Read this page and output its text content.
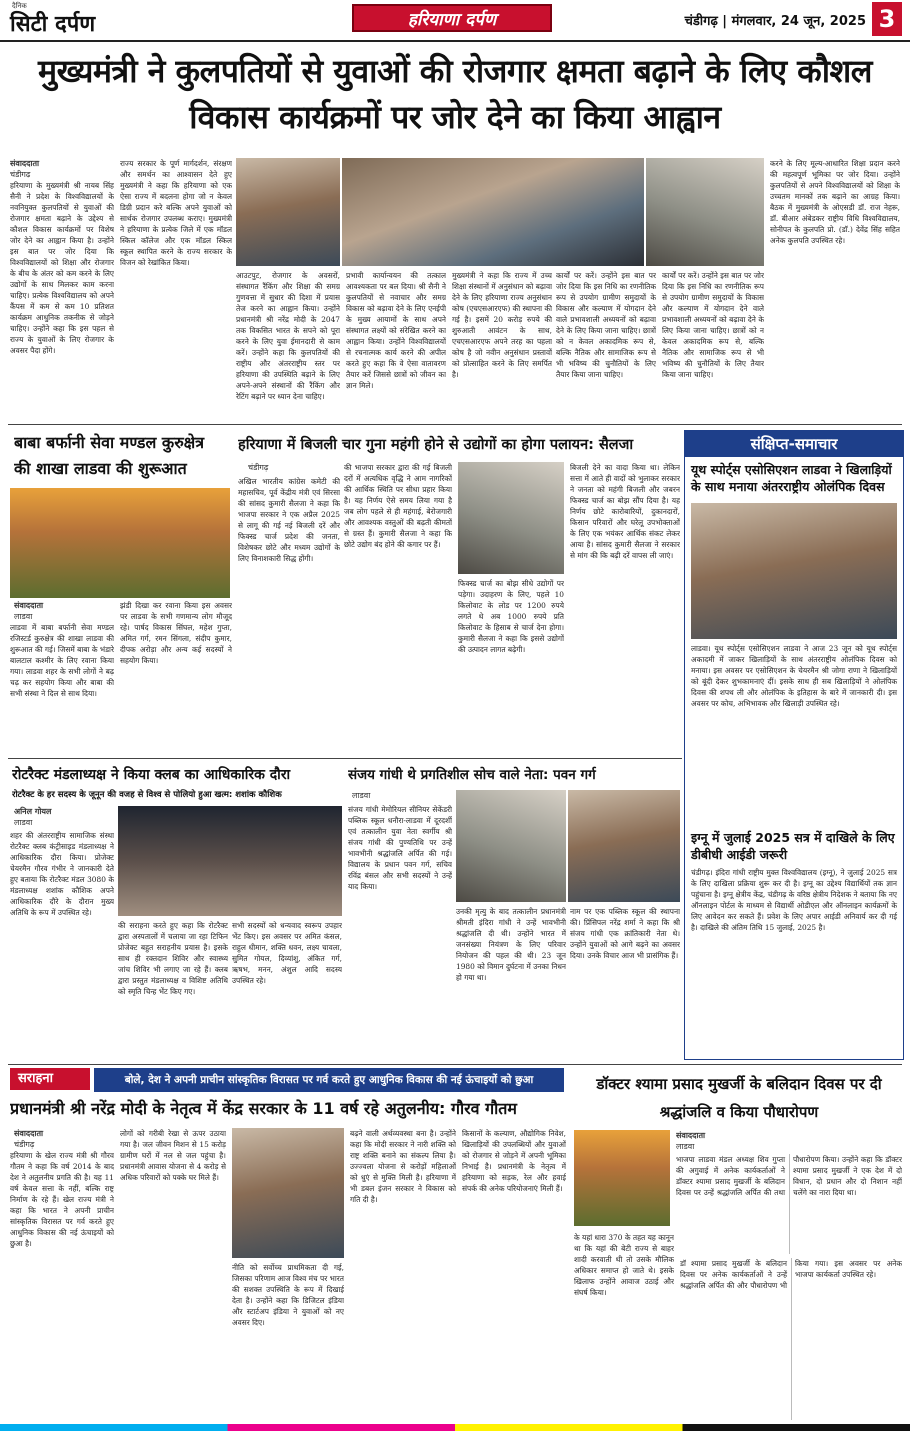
दैनिक
सिटी दर्पण	हरियाणा दर्पण	चंडीगढ़ | मंगलवार, 24 जून, 2025 3
मुख्यमंत्री ने कुलपतियों से युवाओं की रोजगार क्षमता बढ़ाने के लिए कौशल विकास कार्यक्रमों पर जोर देने का किया आह्वान
संवाददाता
चंडीगढ़
हरियाणा के मुख्यमंत्री श्री नायब सिंह सैनी ने प्रदेश के विश्वविद्यालयों के नवनियुक्त कुलपतियों से युवाओं की रोजगार क्षमता बढ़ाने के उद्देश्य से कौशल विकास कार्यक्रमों पर विशेष जोर देने का आह्वान किया है। उन्होंने इस बात पर जोर दिया कि विश्वविद्यालयों को शिक्षा और रोजगार के बीच के अंतर को कम करने के लिए उद्योगों के साथ मिलकर काम करना चाहिए। प्रत्येक विश्वविद्यालय को अपने कैंपस में कम से कम 10 प्रतिशत कार्यक्रम आधुनिक तकनीक से जोड़ने चाहिए। उन्होंने कहा कि इस पहल से राज्य के युवाओं के लिए रोजगार के अवसर पैदा होंगे।
राज्य सरकार के पूर्ण मार्गदर्शन, संरक्षण और समर्थन का आश्वासन देते हुए मुख्यमंत्री ने कहा कि हरियाणा को एक ऐसा राज्य में बदलना होगा जो न केवल डिग्री प्रदान करे बल्कि अपने युवाओं को सार्थक रोजगार उपलब्ध कराए। मुख्यमंत्री ने हरियाणा के प्रत्येक जिले में एक मॉडल स्किल कॉलेज और एक मॉडल स्किल स्कूल स्थापित करने के राज्य सरकार के विजन को रेखांकित किया।
आउटपुट, रोजगार के अवसरों, संस्थागत रैंकिंग और शिक्षा की समग्र गुणवत्ता में सुधार की दिशा में प्रयास तेज करने का आह्वान किया। उन्होंने प्रधानमंत्री श्री नरेंद्र मोदी के 2047 तक विकसित भारत के सपने को पूरा करने के लिए युवा ईमानदारी से काम करें। उन्होंने कहा कि कुलपतियों की राष्ट्रीय और अंतरराष्ट्रीय स्तर पर हरियाणा की उपस्थिति बढ़ाने के लिए अपने-अपने संस्थानों की रैंकिंग और रेटिंग बढ़ाने पर ध्यान देना चाहिए।
प्रभावी कार्यान्वयन की तत्काल आवश्यकता पर बल दिया। श्री सैनी ने कुलपतियों से नवाचार और समग्र विकास को बढ़ावा देने के लिए एनईपी के मुख्य आयामों के साथ अपने संस्थागत लक्ष्यों को संरेखित करने का आह्वान किया। उन्होंने विश्वविद्यालयों से रचनात्मक कार्य करने की अपील करते हुए कहा कि वे ऐसा वातावरण तैयार करें जिससे छात्रों को जीवन का ज्ञान मिले।
मुख्यमंत्री ने कहा कि राज्य में उच्च शिक्षा संस्थानों में अनुसंधान को बढ़ावा देने के लिए हरियाणा राज्य अनुसंधान कोष (एचएसआरएफ) की स्थापना की गई है। इसमें 20 करोड़ रुपये की शुरुआती आवंटन के साथ, एचएसआरएफ अपने तरह का पहला कोष है जो नवीन अनुसंधान प्रस्तावों को प्रोत्साहित करने के लिए समर्पित है।
कार्यों पर करें। उन्होंने इस बात पर जोर दिया कि इस निधि का रणनीतिक रूप से उपयोग ग्रामीण समुदायों के विकास और कल्याण में योगदान देने वाले प्रभावशाली अध्ययनों को बढ़ावा देने के लिए किया जाना चाहिए। छात्रों को न केवल अकादमिक रूप से, बल्कि नैतिक और सामाजिक रूप से भी भविष्य की चुनौतियों के लिए तैयार किया जाना चाहिए।
कार्यों पर करें। उन्होंने इस बात पर जोर दिया कि इस निधि का रणनीतिक रूप से उपयोग ग्रामीण समुदायों के विकास और कल्याण में योगदान देने वाले प्रभावशाली अध्ययनों को बढ़ावा देने के लिए किया जाना चाहिए। छात्रों को न केवल अकादमिक रूप से, बल्कि नैतिक और सामाजिक रूप से भी भविष्य की चुनौतियों के लिए तैयार किया जाना चाहिए।
करने के लिए मूल्य-आधारित शिक्षा प्रदान करने की महत्वपूर्ण भूमिका पर जोर दिया। उन्होंने कुलपतियों से अपने विश्वविद्यालयों को शिक्षा के उच्चतम मानकों तक बढ़ाने का आग्रह किया। बैठक में मुख्यमंत्री के ओएसडी डॉ. राज नेहरू, डॉ. बीआर अंबेडकर राष्ट्रीय विधि विश्वविद्यालय, सोनीपत के कुलपति प्रो. (डॉ.) देवेंद्र सिंह सहित अनेक कुलपति उपस्थित रहे।
बाबा बर्फानी सेवा मण्डल कुरुक्षेत्र की शाखा लाडवा की शुरूआत
संवाददाता
लाडवा
लाडवा में बाबा बर्फानी सेवा मण्डल रजिस्टर्ड कुरुक्षेत्र की शाखा लाडवा की शुरूआत की गई। जिसमें बाबा के भंडारे बालटाल कश्मीर के लिए रवाना किया गया। लाडवा शहर के सभी लोगों ने बढ़ चढ़ कर सहयोग किया और बाबा की सभी संस्था ने दिल से साथ दिया।
झंडी दिखा कर रवाना किया इस अवसर पर लाडवा के सभी गणमान्य लोग मौजूद रहे। पार्षद विकास सिंघल, महेश गुप्ता, अमित गर्ग, रमन सिंगला, संदीप कुमार, दीपक अरोड़ा और अन्य कई सदस्यों ने सहयोग किया।
हरियाणा में बिजली चार गुना महंगी होने से उद्योगों का होगा पलायन: सैलजा
चंडीगढ़
अखिल भारतीय कांग्रेस कमेटी की महासचिव, पूर्व केंद्रीय मंत्री एवं सिरसा की सांसद कुमारी सैलजा ने कहा कि भाजपा सरकार ने एक अप्रैल 2025 से लागू की गई नई बिजली दरें और फिक्स्ड चार्ज प्रदेश की जनता, विशेषकर छोटे और मध्यम उद्योगों के लिए विनाशकारी सिद्ध होंगी।
की भाजपा सरकार द्वारा की गई बिजली दरों में अत्यधिक वृद्धि ने आम नागरिकों की आर्थिक स्थिति पर सीधा प्रहार किया है। यह निर्णय ऐसे समय लिया गया है जब लोग पहले से ही महंगाई, बेरोजगारी और आवश्यक वस्तुओं की बढ़ती कीमतों से ग्रस्त हैं। कुमारी सैलजा ने कहा कि छोटे उद्योग बंद होने की कगार पर हैं।
फिक्स्ड चार्ज का बोझ सीधे उद्योगों पर पड़ेगा। उदाहरण के लिए, पहले 10 किलोवाट के लोड पर 1200 रुपये लगते थे अब 1000 रुपये प्रति किलोवाट के हिसाब से चार्ज देना होगा। कुमारी सैलजा ने कहा कि इससे उद्योगों की उत्पादन लागत बढ़ेगी।
बिजली देने का वादा किया था। लेकिन सत्ता में आते ही वादों को भुलाकर सरकार ने जनता को महंगी बिजली और जबरन फिक्स्ड चार्ज का बोझ सौंप दिया है। यह निर्णय छोटे कारोबारियों, दुकानदारों, किसान परिवारों और घरेलू उपभोक्ताओं के लिए एक भयंकर आर्थिक संकट लेकर आया है। सांसद कुमारी सैलजा ने सरकार से मांग की कि बढ़ी दरें वापस ली जाएं।
संक्षिप्त-समाचार
यूथ स्पोर्ट्स एसोसिएशन लाडवा ने खिलाड़ियों के साथ मनाया अंतरराष्ट्रीय ओलंपिक दिवस
लाडवा। यूथ स्पोर्ट्स एसोसिएशन लाडवा ने आज 23 जून को यूथ स्पोर्ट्स अकादमी में जाकर खिलाड़ियों के साथ अंतरराष्ट्रीय ओलंपिक दिवस को मनाया। इस अवसर पर एसोसिएशन के चेयरमैन श्री जोगा राणा ने खिलाड़ियों को बूंदी देकर शुभकामनाएं दीं। इसके साथ ही सब खिलाड़ियों ने ओलंपिक दिवस की शपथ ली और ओलंपिक के इतिहास के बारे में जानकारी दी। इस अवसर पर कोच, अभिभावक और खिलाड़ी उपस्थित रहे।
इग्नू में जुलाई 2025 सत्र में दाखिले के लिए डीबीधी आईडी जरूरी
चंडीगढ़। इंदिरा गांधी राष्ट्रीय मुक्त विश्वविद्यालय (इग्नू), ने जुलाई 2025 सत्र के लिए दाखिला प्रक्रिया शुरू कर दी है। इग्नू का उद्देश्य विद्यार्थियों तक ज्ञान पहुंचाना है। इग्नू क्षेत्रीय केंद्र, चंडीगढ़ के वरिष्ठ क्षेत्रीय निदेशक ने बताया कि नए ऑनलाइन पोर्टल के माध्यम से विद्यार्थी ओडीएल और ऑनलाइन कार्यक्रमों के लिए आवेदन कर सकते हैं। प्रवेश के लिए अपार आईडी अनिवार्य कर दी गई है। दाखिले की अंतिम तिथि 15 जुलाई, 2025 है।
रोटरैक्ट मंडलाध्यक्ष ने किया क्लब का आधिकारिक दौरा
रोटरैक्ट के हर सदस्य के जूनून की वजह से विश्व से पोलियो हुआ खत्म: शशांक कौशिक
अनिल गोयल
लाडवा
शहर की अंतरराष्ट्रीय सामाजिक संस्था रोटरैक्ट क्लब कंट्रीसाइड मंडलाध्यक्ष ने आधिकारिक दौरा किया। प्रोजेक्ट चेयरमैन गौरव गंभीर ने जानकारी देते हुए बताया कि रोटरैक्ट मंडल 3080 के मंडलाध्यक्ष शशांक कौशिक अपने आधिकारिक दौरे के दौरान मुख्य अतिथि के रूप में उपस्थित रहे।
की सराहना करते हुए कहा कि रोटरैक्ट द्वारा अस्पतालों में चलाया जा रहा टिफिन प्रोजेक्ट बहुत सराहनीय प्रयास है। इसके साथ ही रक्तदान शिविर और स्वास्थ्य जांच शिविर भी लगाए जा रहे हैं। क्लब द्वारा प्रस्तुत मंडलाध्यक्ष व विशिष्ट अतिथि को स्मृति चिन्ह भेंट किए गए।
सभी सदस्यों को धन्यवाद स्वरूप उपहार भेंट किए। इस अवसर पर अमित कंसल, राहुल धीमान, शक्ति धवन, लक्ष्य चावला, सुमित गोयल, दिव्यांशु, अंकित गर्ग, ऋषभ, मनन, अंशुल आदि सदस्य उपस्थित रहे।
संजय गांधी थे प्रगतिशील सोच वाले नेता: पवन गर्ग
लाडवा
संजय गांधी मेमोरियल सीनियर सेकेंडरी पब्लिक स्कूल धनौरा-लाडवा में दूरदर्शी एवं तत्कालीन युवा नेता स्वर्गीय श्री संजय गांधी की पुण्यतिथि पर उन्हें भावभीनी श्रद्धांजलि अर्पित की गई। विद्यालय के प्रधान पवन गर्ग, सचिव रविंद्र बंसल और सभी सदस्यों ने उन्हें याद किया।
उनकी मृत्यु के बाद तत्कालीन प्रधानमंत्री श्रीमती इंदिरा गांधी ने उन्हें भावभीनी श्रद्धांजलि दी थी। उन्होंने भारत में जनसंख्या नियंत्रण के लिए परिवार नियोजन की पहल की थी। 23 जून 1980 को विमान दुर्घटना में उनका निधन हो गया था।
नाम पर एक पब्लिक स्कूल की स्थापना की। प्रिंसिपल नरेंद्र शर्मा ने कहा कि श्री संजय गांधी एक क्रांतिकारी नेता थे। उन्होंने युवाओं को आगे बढ़ने का अवसर दिया। उनके विचार आज भी प्रासंगिक हैं।
सराहना	बोले, देश ने अपनी प्राचीन सांस्कृतिक विरासत पर गर्व करते हुए आधुनिक विकास की नई ऊंचाइयों को छुआ
प्रधानमंत्री श्री नरेंद्र मोदी के नेतृत्व में केंद्र सरकार के 11 वर्ष रहे अतुलनीय: गौरव गौतम
संवाददाता
चंडीगढ़
हरियाणा के खेल राज्य मंत्री श्री गौरव गौतम ने कहा कि वर्ष 2014 के बाद देश ने अतुलनीय प्रगति की है। यह 11 वर्ष केवल सत्ता के नहीं, बल्कि राष्ट्र निर्माण के रहे हैं। खेल राज्य मंत्री ने कहा कि भारत ने अपनी प्राचीन सांस्कृतिक विरासत पर गर्व करते हुए आधुनिक विकास की नई ऊंचाइयों को छुआ है।
लोगों को गरीबी रेखा से ऊपर उठाया गया है। जल जीवन मिशन से 15 करोड़ ग्रामीण घरों में नल से जल पहुंचा है। प्रधानमंत्री आवास योजना से 4 करोड़ से अधिक परिवारों को पक्के घर मिले हैं।
नीति को सर्वोच्च प्राथमिकता दी गई, जिसका परिणाम आज विश्व मंच पर भारत की सशक्त उपस्थिति के रूप में दिखाई देता है। उन्होंने कहा कि डिजिटल इंडिया और स्टार्टअप इंडिया ने युवाओं को नए अवसर दिए।
बढ़ने वाली अर्थव्यवस्था बना है। उन्होंने कहा कि मोदी सरकार ने नारी शक्ति को राष्ट्र शक्ति बनाने का संकल्प लिया है। उज्ज्वला योजना से करोड़ों महिलाओं को धुएं से मुक्ति मिली है। हरियाणा में भी डबल इंजन सरकार ने विकास को गति दी है।
किसानों के कल्याण, औद्योगिक निवेश, खिलाड़ियों की उपलब्धियों और युवाओं को रोजगार से जोड़ने में अपनी भूमिका निभाई है। प्रधानमंत्री के नेतृत्व में हरियाणा को सड़क, रेल और हवाई संपर्क की अनेक परियोजनाएं मिली हैं।
डॉक्टर श्यामा प्रसाद मुखर्जी के बलिदान दिवस पर दी श्रद्धांजलि व किया पौधारोपण
संवाददाता
लाडवा
भाजपा लाडवा मंडल अध्यक्ष शिव गुप्ता की अगुवाई में अनेक कार्यकर्ताओं ने डॉक्टर श्यामा प्रसाद मुखर्जी के बलिदान दिवस पर उन्हें श्रद्धांजलि अर्पित की तथा पौधारोपण किया। उन्होंने कहा कि डॉक्टर श्यामा प्रसाद मुखर्जी ने एक देश में दो विधान, दो प्रधान और दो निशान नहीं चलेंगे का नारा दिया था।
के यहां धारा 370 के तहत यह कानून था कि यहां की बेटी राज्य से बाहर शादी करवाती थी तो उसके मौलिक अधिकार समाप्त हो जाते थे। इसके खिलाफ उन्होंने आवाज उठाई और संघर्ष किया।
डॉ श्यामा प्रसाद मुखर्जी के बलिदान दिवस पर अनेक कार्यकर्ताओं ने उन्हें श्रद्धांजलि अर्पित की और पौधारोपण भी किया गया। इस अवसर पर अनेक भाजपा कार्यकर्ता उपस्थित रहे।
